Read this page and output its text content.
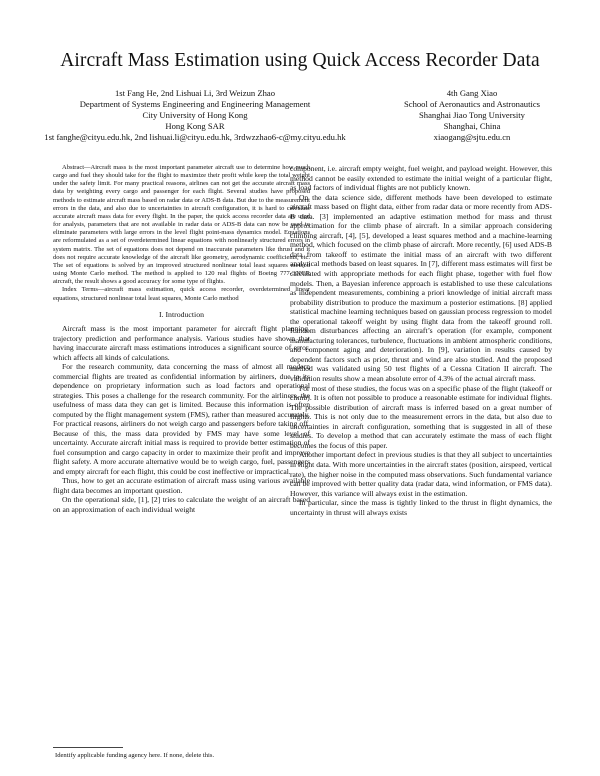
Aircraft Mass Estimation using Quick Access Recorder Data
1st Fang He, 2nd Lishuai Li, 3rd Weizun Zhao
Department of Systems Engineering and Engineering Management
City University of Hong Kong
Hong Kong SAR
1st fanghe@cityu.edu.hk, 2nd lishuai.li@cityu.edu.hk, 3rdwzzhao6-c@my.cityu.edu.hk
4th Gang Xiao
School of Aeronautics and Astronautics
Shanghai Jiao Tong University
Shanghai, China
xiaogang@sjtu.edu.cn

Abstract—Aircraft mass is the most important parameter aircraft use to determine how much cargo and fuel they should take for the flight to maximize their profit while keep the total weight under the safety limit. For many practical reasons, airlines can not get the accurate aircraft mass data by weighting every cargo and passenger for each flight. Several studies have proposed methods to estimate aircraft mass based on radar data or ADS-B data. But due to the measurement errors in the data, and also due to uncertainties in aircraft configuration, it is hard to calculate accurate aircraft mass data for every flight. In the paper, the quick access recorder data are used for analysis, parameters that are not available in radar data or ADS-B data can now be used to eliminate parameters with large errors in the level flight point-mass dynamics model. Equations are reformulated as a set of overdetermined linear equations with nonlinearly structured errors in system matrix. The set of equations does not depend on inaccurate parameters like thrust and it does not require accurate knowledge of the aircraft like geometry, aerodynamic coefficients, etc. The set of equations is solved by an improved structured nonlinear total least squares method using Monte Carlo method. The method is applied to 120 real flights of Boeing 777-300ER aircraft, the result shows a good accuracy for some type of flights.

Index Terms—aircraft mass estimation, quick access recorder, overdetermined linear equations, structured nonlinear total least squares, Monte Carlo method

I. Introduction

Aircraft mass is the most important parameter for aircraft flight planning, trajectory prediction and performance analysis. Various studies have shown that having inaccurate aircraft mass estimations introduces a significant source of error, which affects all kinds of calculations.

For the research community, data concerning the mass of almost all modern commercial flights are treated as confidential information by airliners, due to its dependence on proprietary information such as load factors and operational strategies. This poses a challenge for the research community. For the airliners, the usefulness of mass data they can get is limited. Because this information is often computed by the flight management system (FMS), rather than measured accurately. For practical reasons, airliners do not weigh cargo and passengers before taking off. Because of this, the mass data provided by FMS may have some level of uncertainty. Accurate aircraft initial mass is required to provide better estimation of fuel consumption and cargo capacity in order to maximize their profit and improve flight safety. A more accurate alternative would be to weigh cargo, fuel, passengers and empty aircraft for each flight, this could be cost ineffective or impractical.

Thus, how to get an accurate estimation of aircraft mass using various available flight data becomes an important question.

On the operational side, [1], [2] tries to calculate the weight of an aircraft based on an approximation of each individual weight

component, i.e. aircraft empty weight, fuel weight, and payload weight. However, this method cannot be easily extended to estimate the initial weight of a particular flight, as load factors of individual flights are not publicly known.

On the data science side, different methods have been developed to estimate aircraft mass based on flight data, either from radar data or more recently from ADS-B data. [3] implemented an adaptive estimation method for mass and thrust approximation for the climb phase of aircraft. In a similar approach considering climbing aircraft, [4], [5], developed a least squares method and a machine-learning method, which focused on the climb phase of aircraft. More recently, [6] used ADS-B data from takeoff to estimate the initial mass of an aircraft with two different analytical methods based on least squares. In [7], different mass estimates will first be calculated with appropriate methods for each flight phase, together with fuel flow models. Then, a Bayesian inference approach is established to use these calculations as independent measurements, combining a priori knowledge of initial aircraft mass probability distribution to produce the maximum a posterior estimations. [8] applied statistical machine learning techniques based on gaussian process regression to model the operational takeoff weight by using flight data from the takeoff ground roll. Random disturbances affecting an aircraft’s operation (for example, component manufacturing tolerances, turbulence, fluctuations in ambient atmospheric conditions, and component aging and deterioration). In [9], variation in results caused by dependent factors such as prior, thrust and wind are also studied. And the proposed method was validated using 50 test flights of a Cessna Citation II aircraft. The validation results show a mean absolute error of 4.3% of the actual aircraft mass.

For most of these studies, the focus was on a specific phase of the flight (takeoff or climb). It is often not possible to produce a reasonable estimate for individual flights. The possible distribution of aircraft mass is inferred based on a great number of flights. This is not only due to the measurement errors in the data, but also due to uncertainties in aircraft configuration, something that is suggested in all of these studies. To develop a method that can accurately estimate the mass of each flight becomes the focus of this paper.

Another important defect in previous studies is that they all subject to uncertainties in flight data. With more uncertainties in the aircraft states (position, airspeed, vertical rate), the higher noise in the computed mass observations. Such fundamental variance can be improved with better quality data (radar data, wind information, or FMS data). However, this variance will always exist in the estimation.

In particular, since the mass is tightly linked to the thrust in flight dynamics, the uncertainty in thrust will always exists

Identify applicable funding agency here. If none, delete this.
